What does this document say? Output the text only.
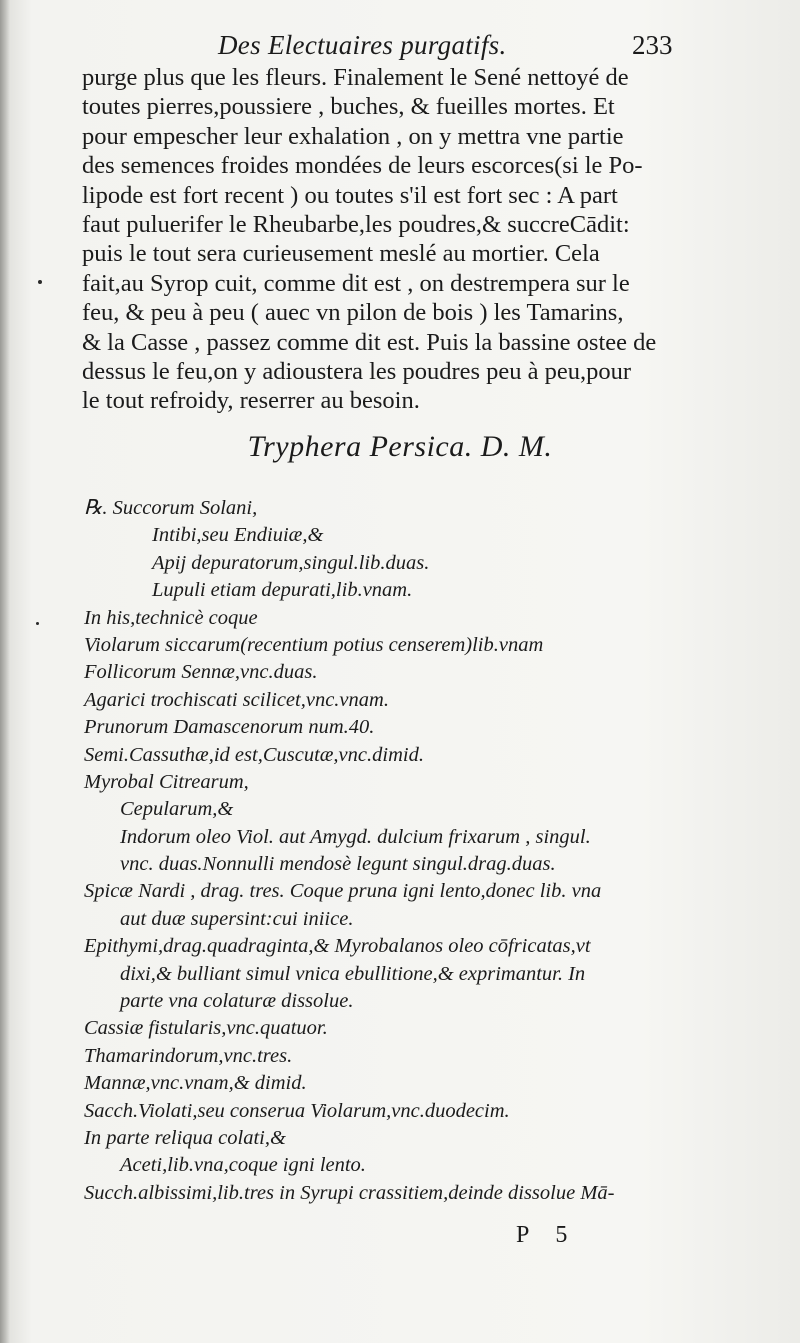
Des Electuaires purgatifs.	233
purge plus que les fleurs. Finalement le Sené nettoyé de
toutes pierres,poussiere , buches, & fueilles mortes. Et
pour empescher leur exhalation , on y mettra vne partie
des semences froides mondées de leurs escorces(si le Po-
lipode est fort recent ) ou toutes s'il est fort sec : A part
faut puluerifer le Rheubarbe,les poudres,& succreCādit:
puis le tout sera curieusement meslé au mortier. Cela
fait,au Syrop cuit, comme dit est , on destrempera sur le
feu, & peu à peu ( auec vn pilon de bois ) les Tamarins,
& la Casse , passez comme dit est. Puis la bassine ostee de
dessus le feu,on y adioustera les poudres peu à peu,pour
le tout refroidy, reserrer au besoin.
Tryphera Persica. D. M.
℞. Succorum Solani,
Intibi,seu Endiuiæ,&
Apij depuratorum,singul.lib.duas.
Lupuli etiam depurati,lib.vnam.
In his,technicè coque
Violarum siccarum(recentium potius censerem)lib.vnam
Follicorum Sennæ,vnc.duas.
Agarici trochiscati scilicet,vnc.vnam.
Prunorum Damascenorum num.40.
Semi.Cassuthæ,id est,Cuscutæ,vnc.dimid.
Myrobal Citrearum,
Cepularum,&
Indorum oleo Viol. aut Amygd. dulcium frixarum , singul.
vnc. duas.Nonnulli mendosè legunt singul.drag.duas.
Spicæ Nardi , drag. tres. Coque pruna igni lento,donec lib. vna
aut duæ supersint:cui iniice.
Epithymi,drag.quadraginta,& Myrobalanos oleo cōfricatas,vt
dixi,& bulliant simul vnica ebullitione,& exprimantur. In
parte vna colaturæ dissolue.
Cassiæ fistularis,vnc.quatuor.
Thamarindorum,vnc.tres.
Mannæ,vnc.vnam,& dimid.
Sacch.Violati,seu conserua Violarum,vnc.duodecim.
In parte reliqua colati,&
Aceti,lib.vna,coque igni lento.
Succh.albissimi,lib.tres in Syrupi crassitiem,deinde dissolue Mā-
P5
